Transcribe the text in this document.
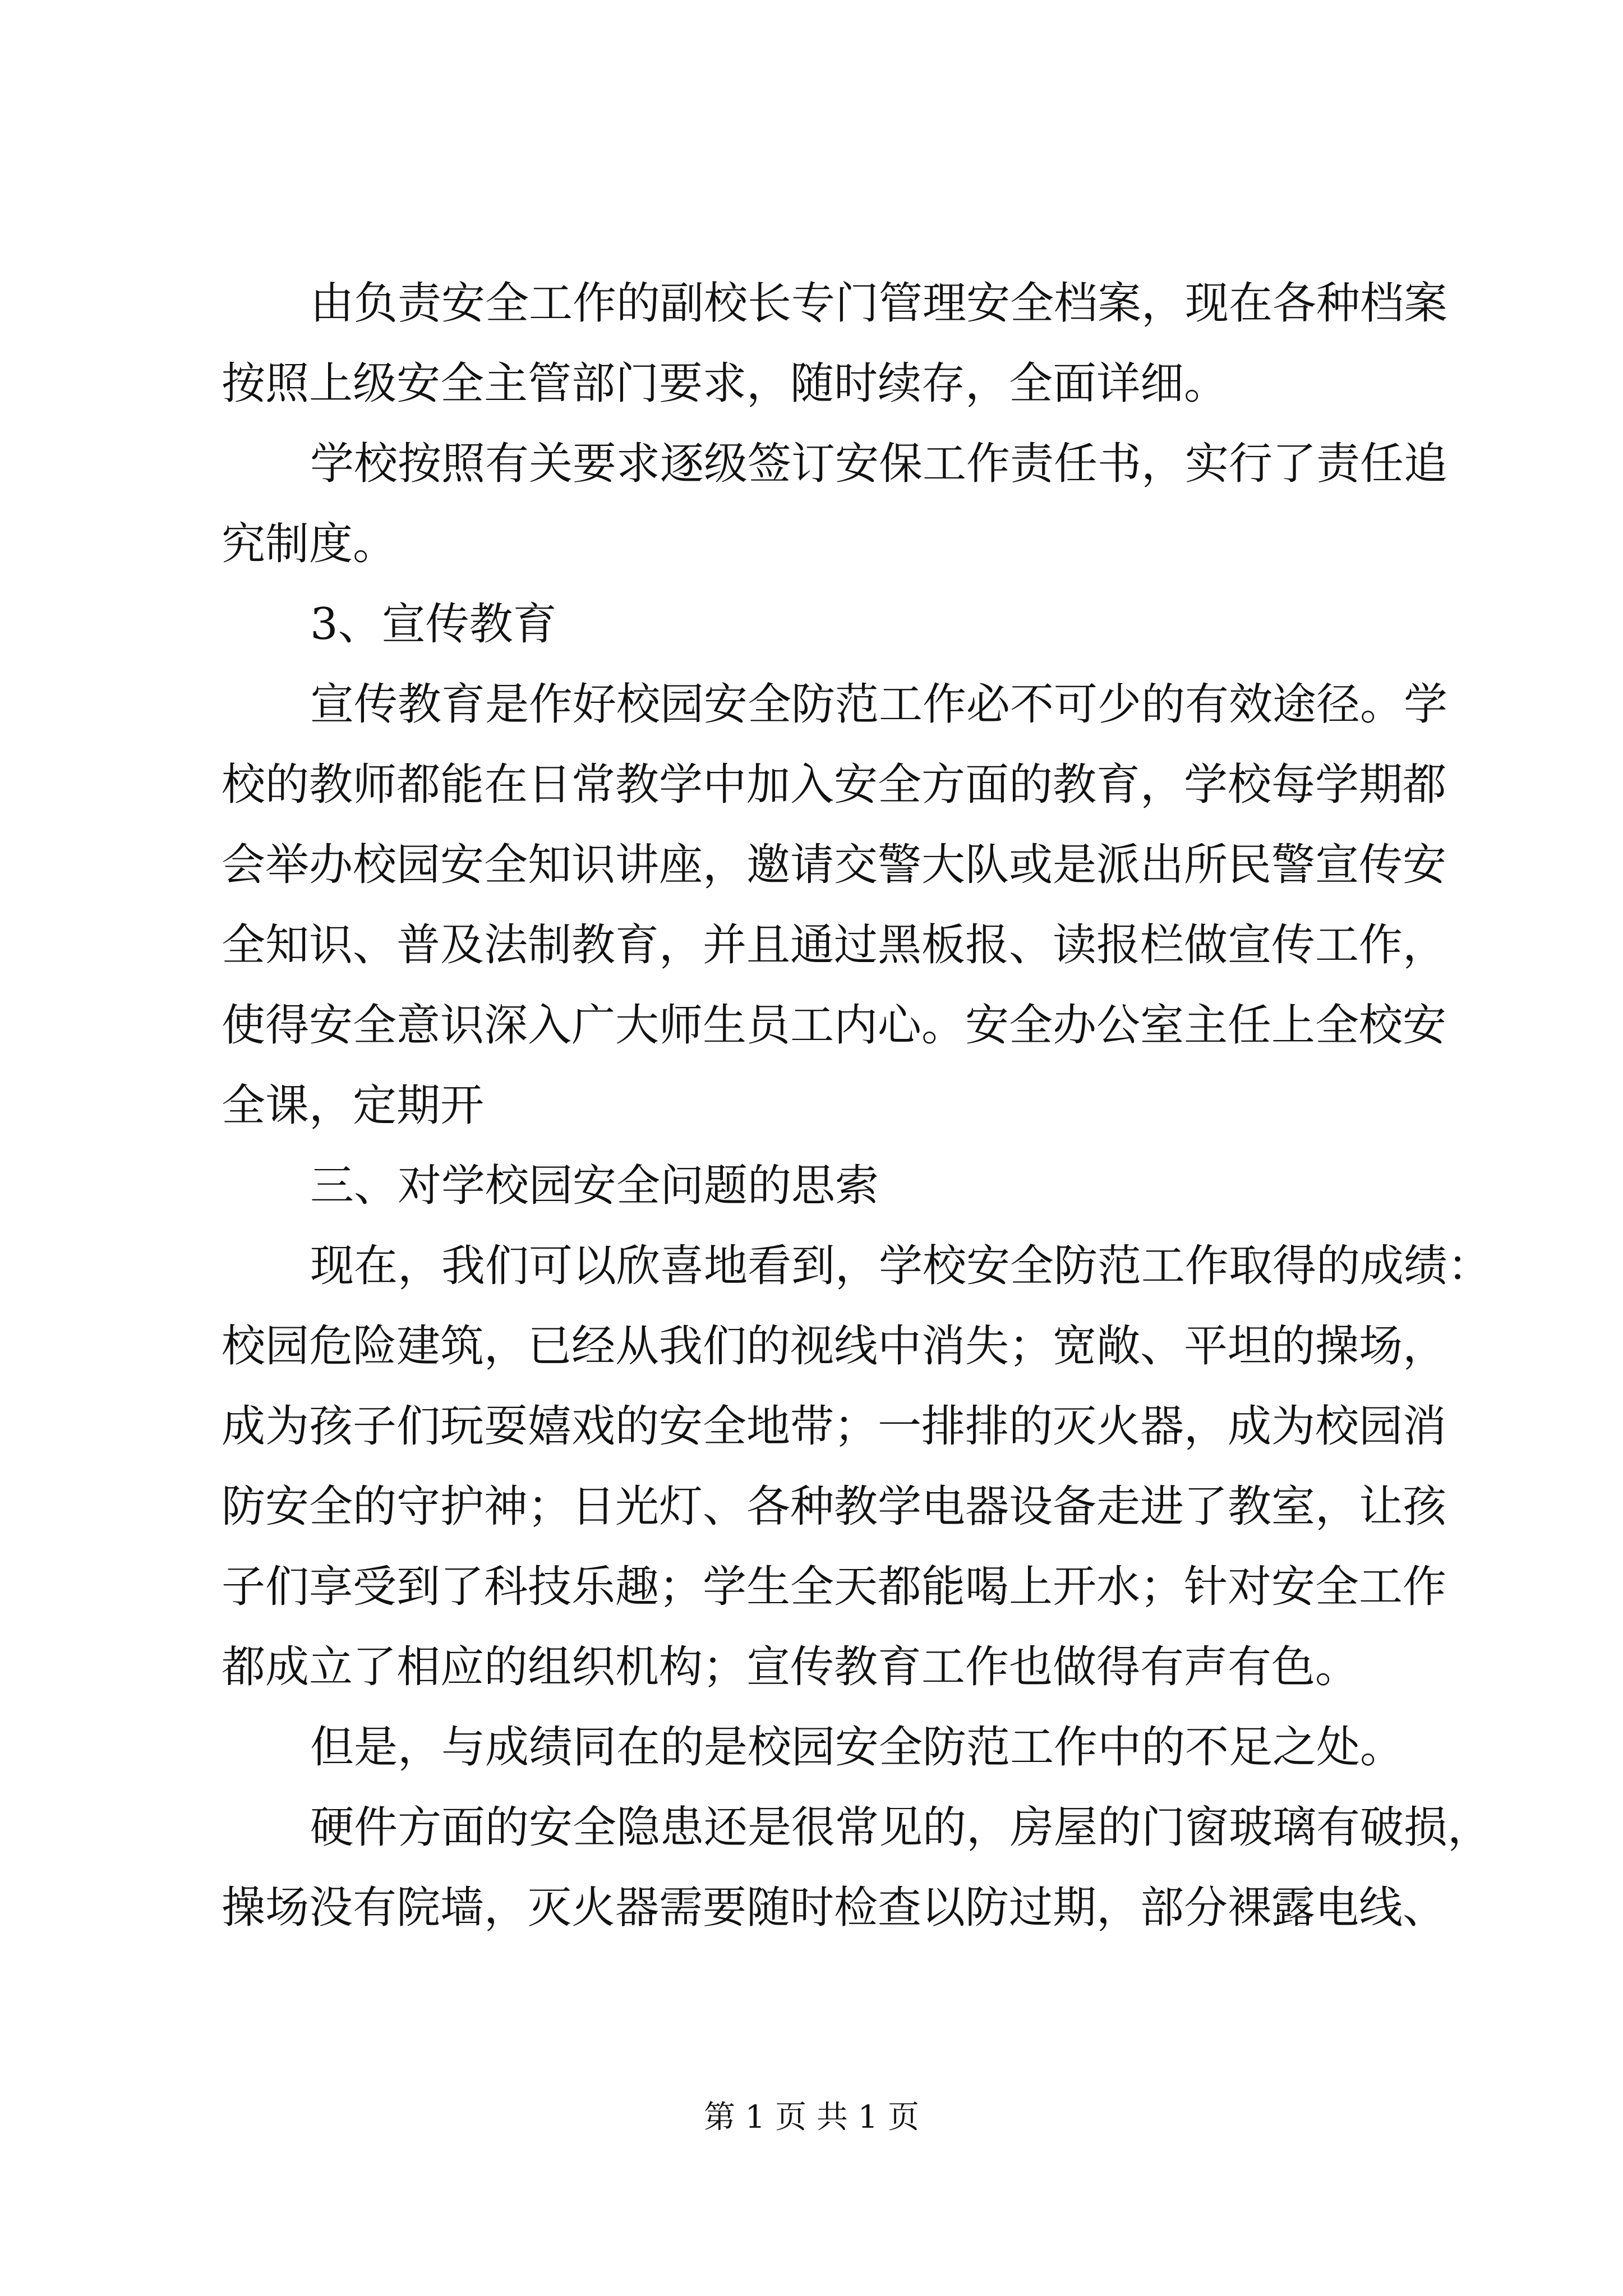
由负责安全工作的副校长专门管理安全档案，现在各种档案
按照上级安全主管部门要求，随时续存，全面详细。
学校按照有关要求逐级签订安保工作责任书，实行了责任追
究制度。
3、宣传教育
宣传教育是作好校园安全防范工作必不可少的有效途径。学
校的教师都能在日常教学中加入安全方面的教育，学校每学期都
会举办校园安全知识讲座，邀请交警大队或是派出所民警宣传安
全知识、普及法制教育，并且通过黑板报、读报栏做宣传工作，
使得安全意识深入广大师生员工内心。安全办公室主任上全校安
全课，定期开
三、对学校园安全问题的思索
现在，我们可以欣喜地看到，学校安全防范工作取得的成绩：
校园危险建筑，已经从我们的视线中消失；宽敞、平坦的操场，
成为孩子们玩耍嬉戏的安全地带；一排排的灭火器，成为校园消
防安全的守护神；日光灯、各种教学电器设备走进了教室，让孩
子们享受到了科技乐趣；学生全天都能喝上开水；针对安全工作
都成立了相应的组织机构；宣传教育工作也做得有声有色。
但是，与成绩同在的是校园安全防范工作中的不足之处。
硬件方面的安全隐患还是很常见的，房屋的门窗玻璃有破损，
操场没有院墙，灭火器需要随时检查以防过期，部分裸露电线、
第 1 页 共 1 页
